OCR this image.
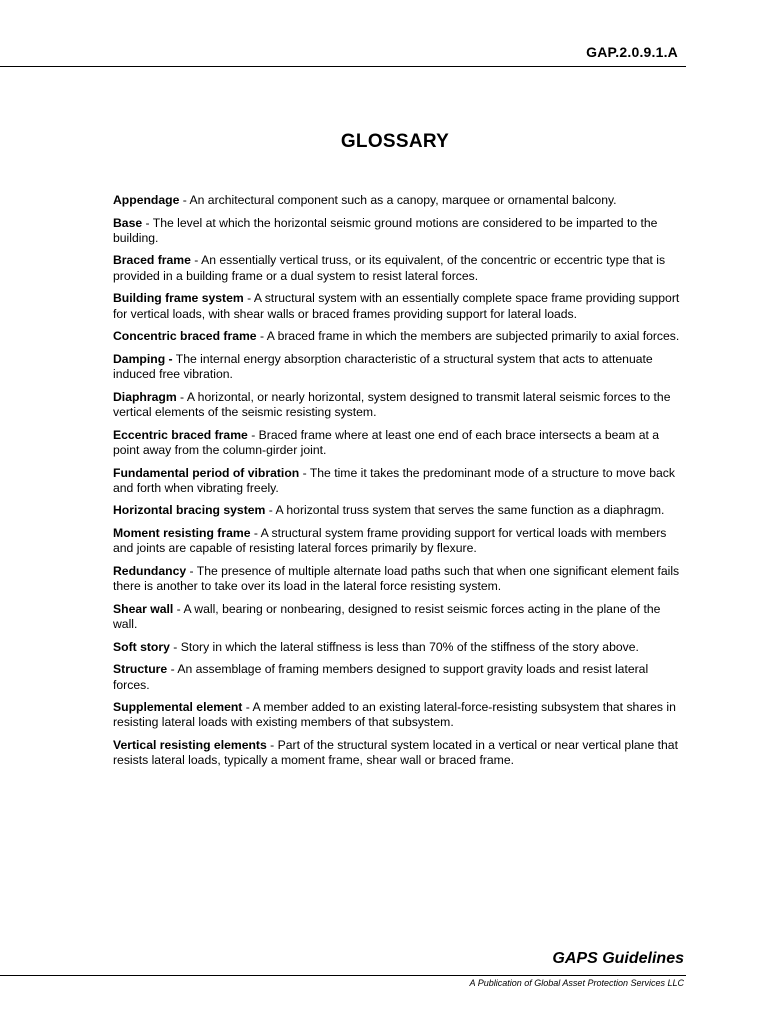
GAP.2.0.9.1.A
GLOSSARY

Appendage - An architectural component such as a canopy, marquee or ornamental balcony.

Base - The level at which the horizontal seismic ground motions are considered to be imparted to the building.

Braced frame - An essentially vertical truss, or its equivalent, of the concentric or eccentric type that is provided in a building frame or a dual system to resist lateral forces.

Building frame system - A structural system with an essentially complete space frame providing support for vertical loads, with shear walls or braced frames providing support for lateral loads.

Concentric braced frame - A braced frame in which the members are subjected primarily to axial forces.

Damping - The internal energy absorption characteristic of a structural system that acts to attenuate induced free vibration.

Diaphragm - A horizontal, or nearly horizontal, system designed to transmit lateral seismic forces to the vertical elements of the seismic resisting system.

Eccentric braced frame - Braced frame where at least one end of each brace intersects a beam at a point away from the column-girder joint.

Fundamental period of vibration - The time it takes the predominant mode of a structure to move back and forth when vibrating freely.

Horizontal bracing system - A horizontal truss system that serves the same function as a diaphragm.

Moment resisting frame - A structural system frame providing support for vertical loads with members and joints are capable of resisting lateral forces primarily by flexure.

Redundancy - The presence of multiple alternate load paths such that when one significant element fails there is another to take over its load in the lateral force resisting system.

Shear wall - A wall, bearing or nonbearing, designed to resist seismic forces acting in the plane of the wall.

Soft story - Story in which the lateral stiffness is less than 70% of the stiffness of the story above.

Structure - An assemblage of framing members designed to support gravity loads and resist lateral forces.

Supplemental element - A member added to an existing lateral-force-resisting subsystem that shares in resisting lateral loads with existing members of that subsystem.

Vertical resisting elements - Part of the structural system located in a vertical or near vertical plane that resists lateral loads, typically a moment frame, shear wall or braced frame.

GAPS Guidelines
A Publication of Global Asset Protection Services LLC
